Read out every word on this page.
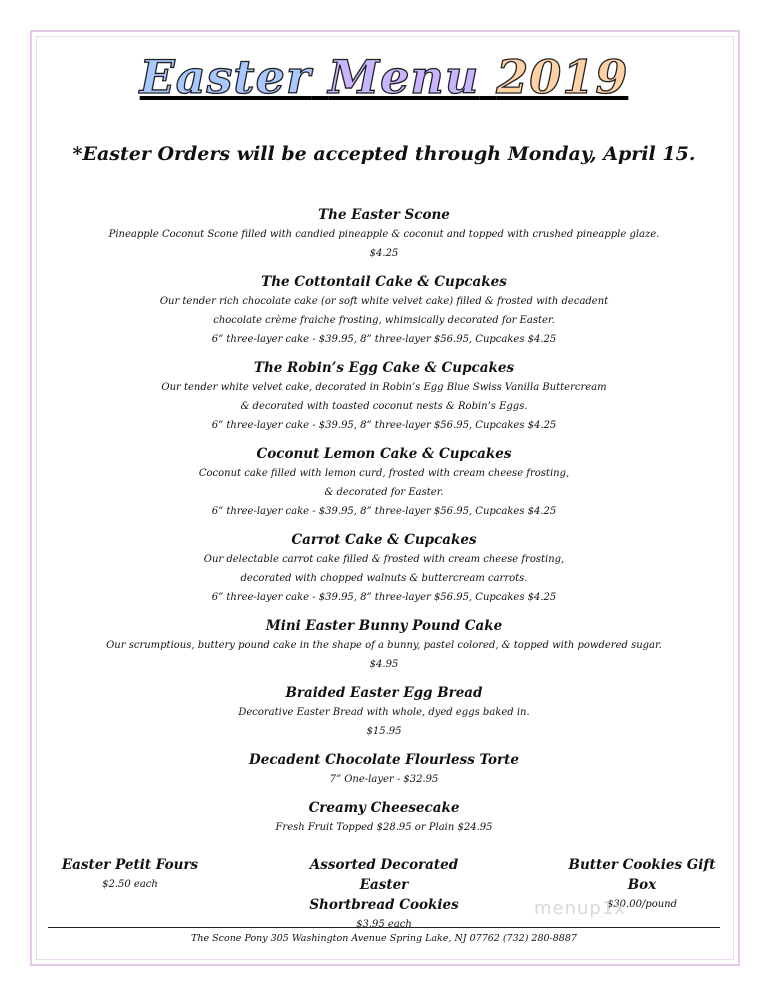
Easter Menu 2019
*Easter Orders will be accepted through Monday, April 15.
The Easter Scone
Pineapple Coconut Scone filled with candied pineapple & coconut and topped with crushed pineapple glaze.
$4.25
The Cottontail Cake & Cupcakes
Our tender rich chocolate cake (or soft white velvet cake) filled & frosted with decadent
chocolate crème fraiche frosting, whimsically decorated for Easter.
6” three-layer cake - $39.95, 8” three-layer $56.95, Cupcakes $4.25
The Robin’s Egg Cake & Cupcakes
Our tender white velvet cake, decorated in Robin’s Egg Blue Swiss Vanilla Buttercream
& decorated with toasted coconut nests & Robin’s Eggs.
6” three-layer cake - $39.95, 8” three-layer $56.95, Cupcakes $4.25
Coconut Lemon Cake & Cupcakes
Coconut cake filled with lemon curd, frosted with cream cheese frosting,
& decorated for Easter.
6” three-layer cake - $39.95, 8” three-layer $56.95, Cupcakes $4.25
Carrot Cake & Cupcakes
Our delectable carrot cake filled & frosted with cream cheese frosting,
decorated with chopped walnuts & buttercream carrots.
6” three-layer cake - $39.95, 8” three-layer $56.95, Cupcakes $4.25
Mini Easter Bunny Pound Cake
Our scrumptious, buttery pound cake in the shape of a bunny, pastel colored, & topped with powdered sugar.
$4.95
Braided Easter Egg Bread
Decorative Easter Bread with whole, dyed eggs baked in.
$15.95
Decadent Chocolate Flourless Torte
7” One-layer - $32.95
Creamy Cheesecake
Fresh Fruit Topped $28.95 or Plain $24.95
Easter Petit Fours
$2.50 each
Assorted Decorated Easter
Shortbread Cookies
$3.95 each
Butter Cookies Gift Box
$30.00/pound
menup1x
The Scone Pony 305 Washington Avenue Spring Lake, NJ 07762 (732) 280-8887
